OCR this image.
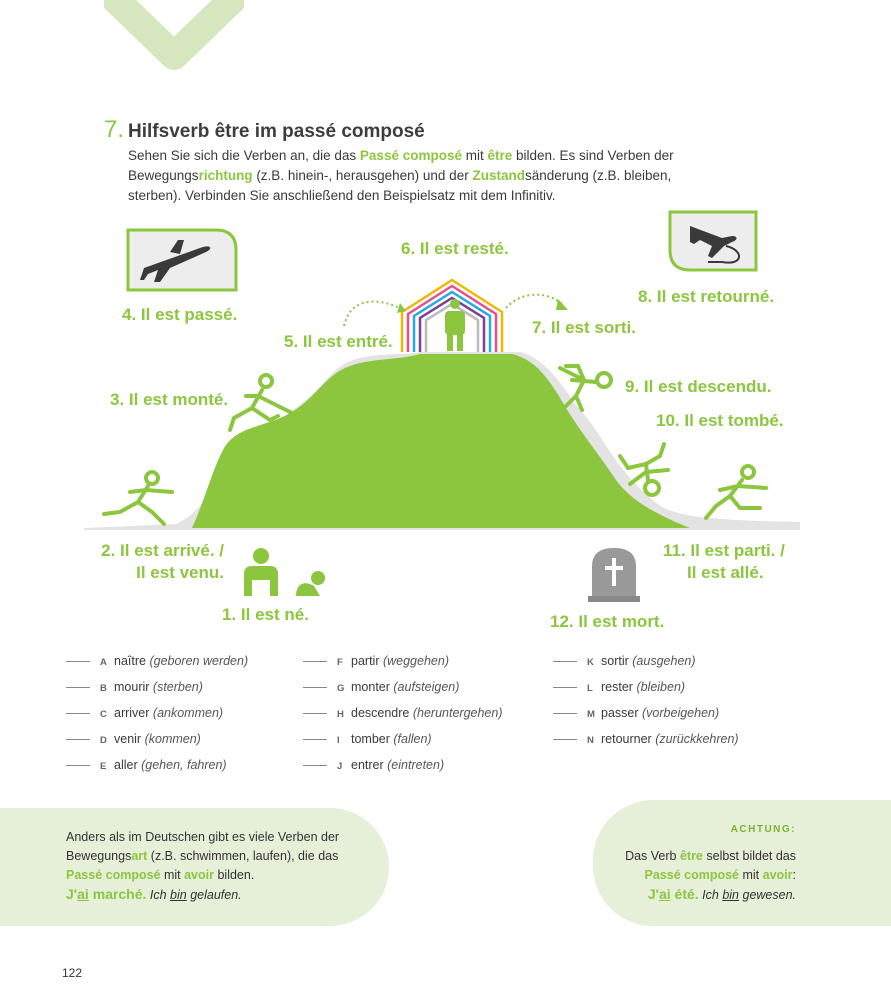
7. Hilfsverb être im passé composé
Sehen Sie sich die Verben an, die das Passé composé mit être bilden. Es sind Verben der Bewegungsrichtung (z.B. hinein-, herausgehen) und der Zustandsänderung (z.B. bleiben, sterben). Verbinden Sie anschließend den Beispielsatz mit dem Infinitiv.
6. Il est resté.
8. Il est retourné.
4. Il est passé.
7. Il est sorti.
5. Il est entré.
9. Il est descendu.
3. Il est monté.
10. Il est tombé.
2. Il est arrivé. /
Il est venu.
11. Il est parti. /
Il est allé.
1. Il est né.	12. Il est mort.
A naître (geboren werden)
B mourir (sterben)
C arriver (ankommen)
D venir (kommen)
E aller (gehen, fahren)
F partir (weggehen)
G monter (aufsteigen)
H descendre (heruntergehen)
I tomber (fallen)
J entrer (eintreten)
K sortir (ausgehen)
L rester (bleiben)
M passer (vorbeigehen)
N retourner (zurückkehren)
Anders als im Deutschen gibt es viele Verben der
Bewegungsart (z.B. schwimmen, laufen), die das
Passé composé mit avoir bilden.
J'ai marché. Ich bin gelaufen.
ACHTUNG:
Das Verb être selbst bildet das
Passé composé mit avoir:
J'ai été. Ich bin gewesen.
122
